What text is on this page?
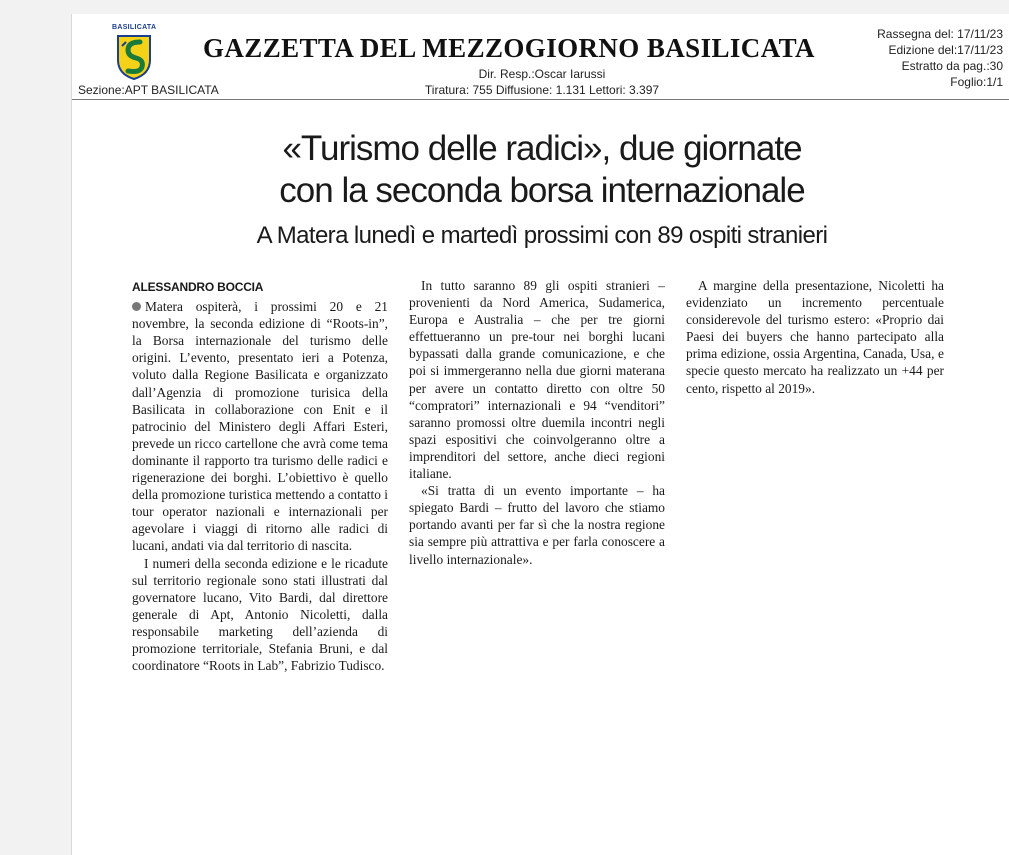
BASILICATA
GAZZETTA DEL MEZZOGIORNO BASILICATA	Rassegna del: 17/11/23
Edizione del:17/11/23
Estratto da pag.:30
Foglio:1/1
Dir. Resp.:Oscar Iarussi
Tiratura: 755 Diffusione: 1.131 Lettori: 3.397
Sezione:APT BASILICATA
«Turismo delle radici», due giornate
con la seconda borsa internazionale
A Matera lunedì e martedì prossimi con 89 ospiti stranieri
ALESSANDRO BOCCIA

Matera ospiterà, i prossimi 20 e 21 novembre, la seconda edizione di “Roots-in”, la Borsa internazionale del turismo delle origini. L’evento, presentato ieri a Potenza, voluto dalla Regione Basilicata e organizzato dall’Agenzia di promozione turisica della Basilicata in collaborazione con Enit e il patrocinio del Ministero degli Affari Esteri, prevede un ricco cartellone che avrà come tema dominante il rapporto tra turismo delle radici e rigenerazione dei borghi. L’obiettivo è quello della promozione turistica mettendo a contatto i tour operator nazionali e internazionali per agevolare i viaggi di ritorno alle radici di lucani, andati via dal territorio di nascita.

I numeri della seconda edizione e le ricadute sul territorio regionale sono stati illustrati dal governatore lucano, Vito Bardi, dal direttore generale di Apt, Antonio Nicoletti, dalla responsabile marketing dell’azienda di promozione territoriale, Stefania Bruni, e dal coordinatore “Roots in Lab”, Fabrizio Tudisco.

In tutto saranno 89 gli ospiti stranieri – provenienti da Nord America, Sudamerica, Europa e Australia – che per tre giorni effettueranno un pre-tour nei borghi lucani bypassati dalla grande comunicazione, e che poi si immergeranno nella due giorni materana per avere un contatto diretto con oltre 50 “compratori” internazionali e 94 “venditori” saranno promossi oltre duemila incontri negli spazi espositivi che coinvolgeranno oltre a imprenditori del settore, anche dieci regioni italiane.

«Si tratta di un evento importante – ha spiegato Bardi – frutto del lavoro che stiamo portando avanti per far sì che la nostra regione sia sempre più attrattiva e per farla conoscere a livello internazionale».

A margine della presentazione, Nicoletti ha evidenziato un incremento percentuale considerevole del turismo estero: «Proprio dai Paesi dei buyers che hanno partecipato alla prima edizione, ossia Argentina, Canada, Usa, e specie questo mercato ha realizzato un +44 per cento, rispetto al 2019».
